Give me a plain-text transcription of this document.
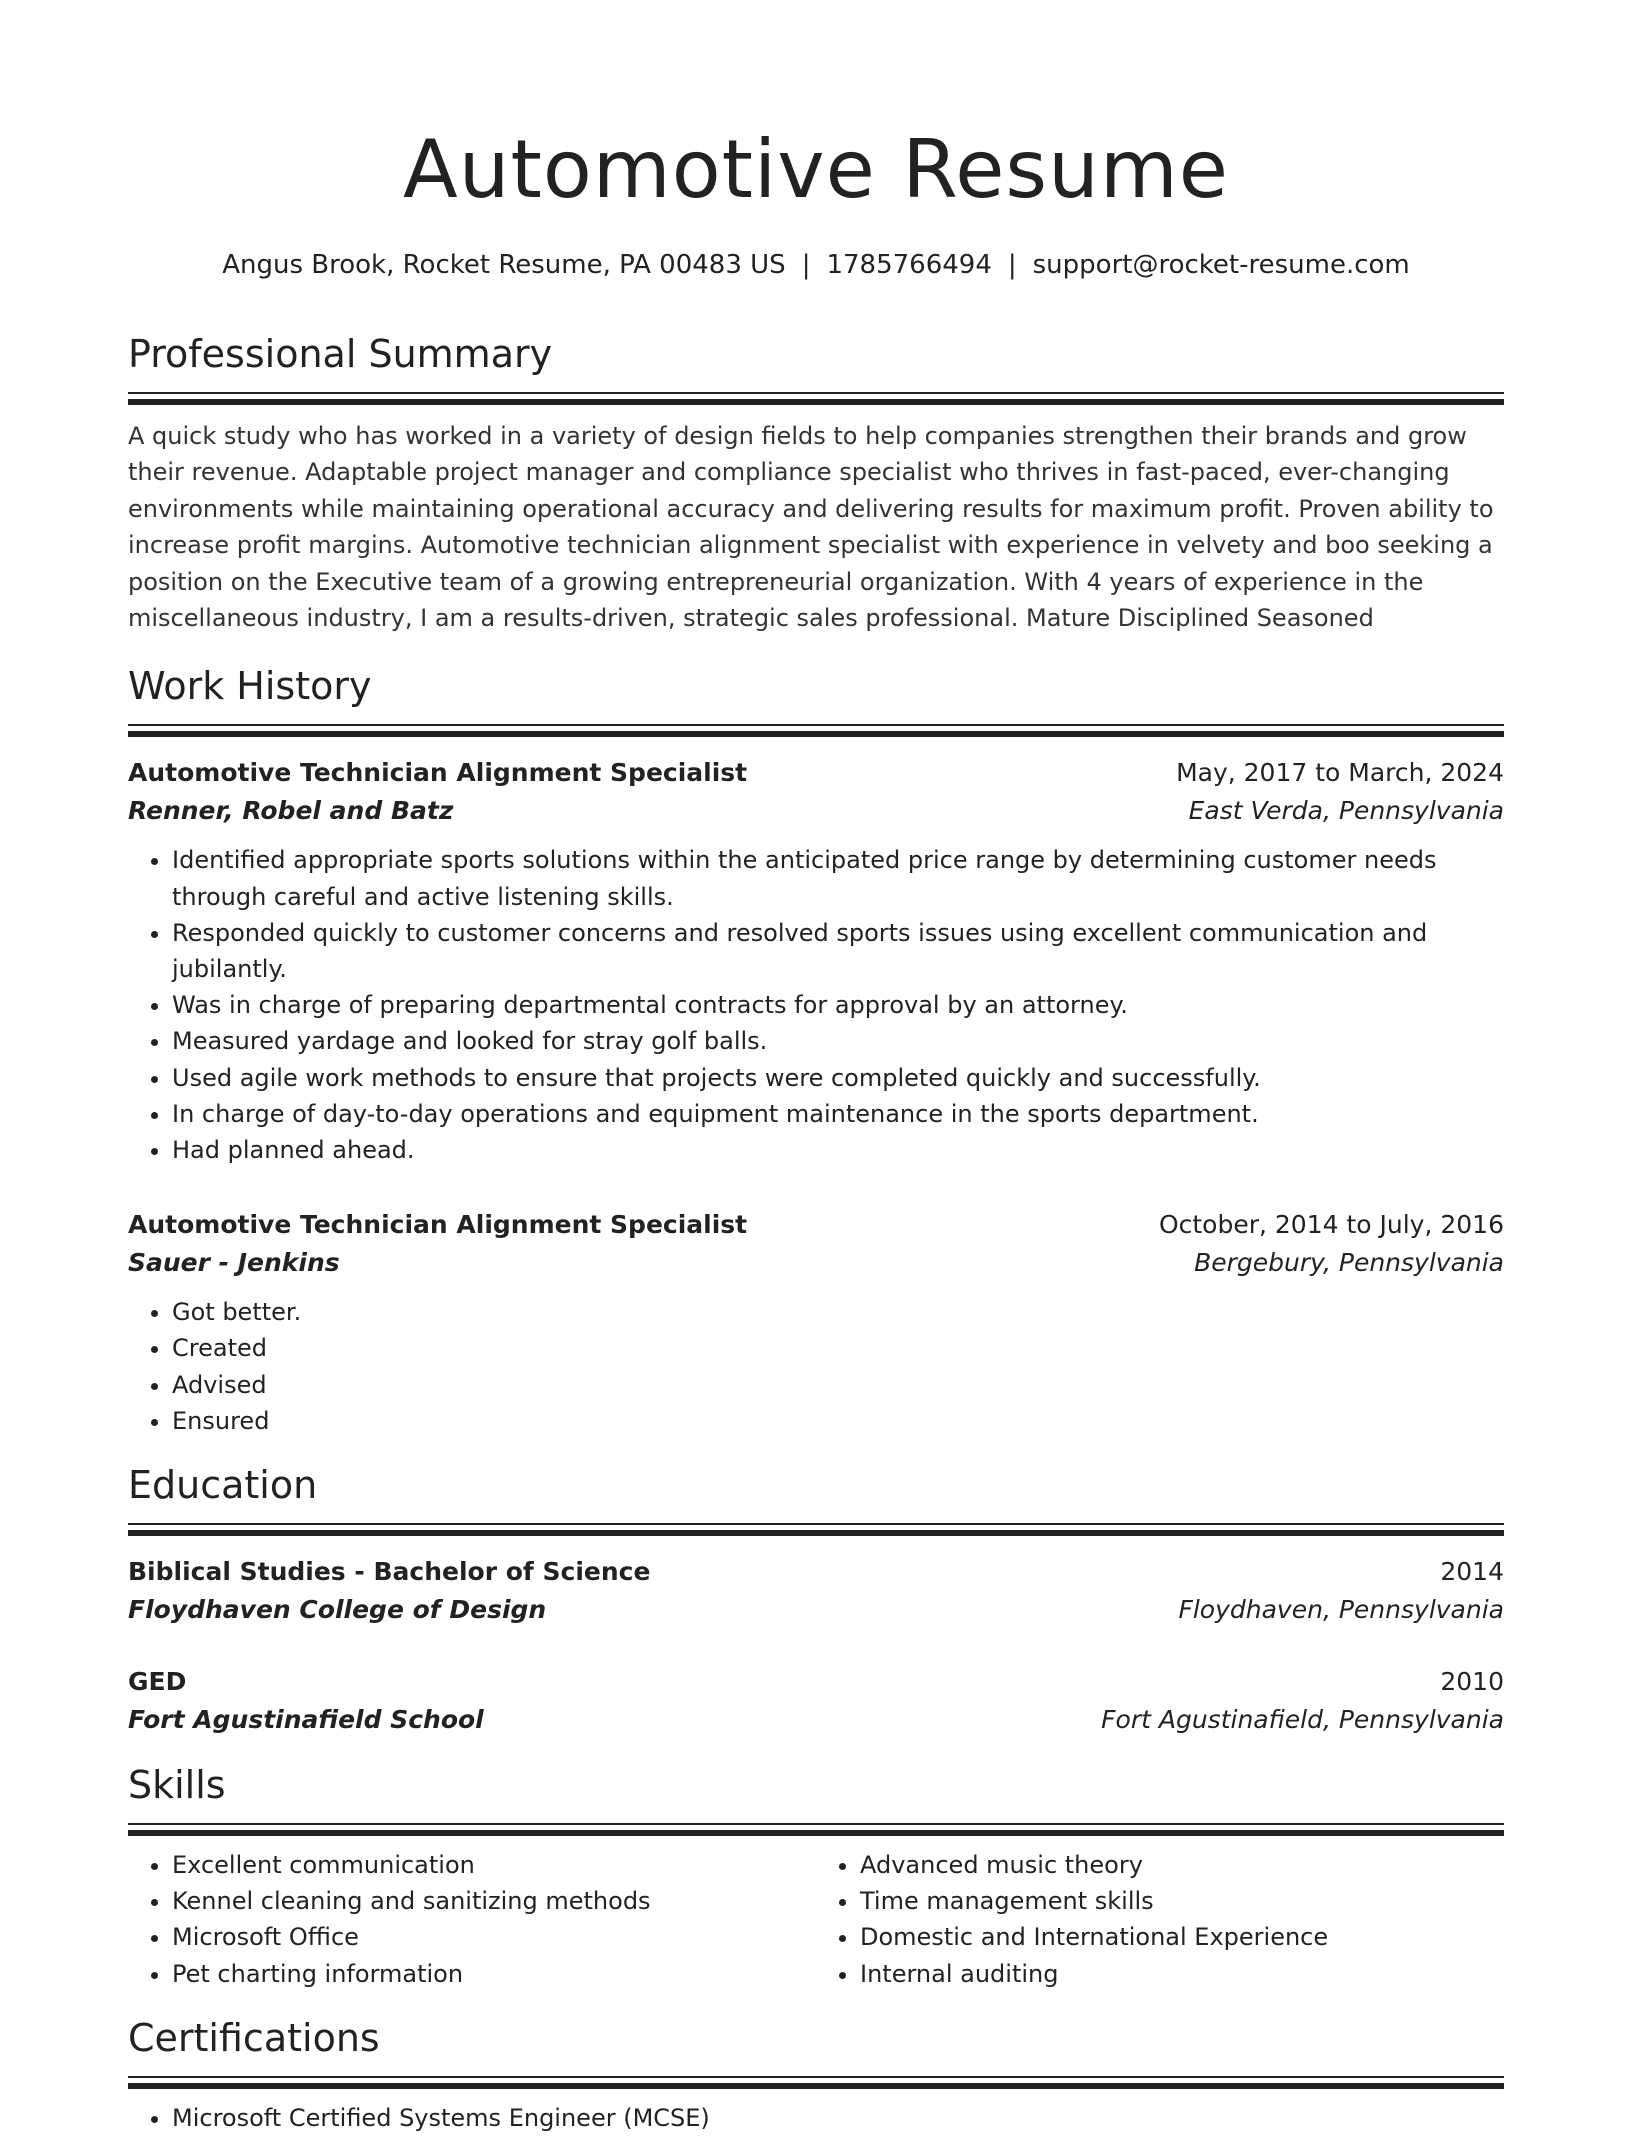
Automotive Resume
Angus Brook, Rocket Resume, PA 00483 US | 1785766494 | support@rocket-resume.com
Professional Summary

A quick study who has worked in a variety of design fields to help companies strengthen their brands and grow their revenue. Adaptable project manager and compliance specialist who thrives in fast-paced, ever-changing environments while maintaining operational accuracy and delivering results for maximum profit. Proven ability to increase profit margins. Automotive technician alignment specialist with experience in velvety and boo seeking a position on the Executive team of a growing entrepreneurial organization. With 4 years of experience in the miscellaneous industry, I am a results-driven, strategic sales professional. Mature Disciplined Seasoned

Work History
Automotive Technician Alignment Specialist	May, 2017 to March, 2024
Renner, Robel and Batz	East Verda, Pennsylvania
• Identified appropriate sports solutions within the anticipated price range by determining customer needs through careful and active listening skills.
• Responded quickly to customer concerns and resolved sports issues using excellent communication and jubilantly.
• Was in charge of preparing departmental contracts for approval by an attorney.
• Measured yardage and looked for stray golf balls.
• Used agile work methods to ensure that projects were completed quickly and successfully.
• In charge of day-to-day operations and equipment maintenance in the sports department.
• Had planned ahead.
Automotive Technician Alignment Specialist	October, 2014 to July, 2016
Sauer - Jenkins	Bergebury, Pennsylvania
• Got better.
• Created
• Advised
• Ensured
Education
Biblical Studies - Bachelor of Science	2014
Floydhaven College of Design	Floydhaven, Pennsylvania
GED	2010
Fort Agustinafield School	Fort Agustinafield, Pennsylvania
Skills
• Excellent communication
• Kennel cleaning and sanitizing methods
• Microsoft Office
• Pet charting information
• Advanced music theory
• Time management skills
• Domestic and International Experience
• Internal auditing
Certifications
• Microsoft Certified Systems Engineer (MCSE)
